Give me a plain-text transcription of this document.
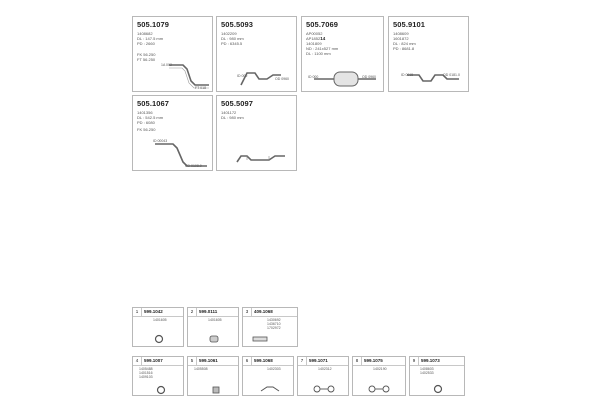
505.1079
1408682
DL : 147.5 mm
PD : 2660
FK 56.250
FT 56.250
1A 002
FT 018
505.5093
1402209
DL : 980 mm
PD : 6345.5
ID 000
OD 0960
505.7069
AP00052
AP185214
1401809
ND : 241x527 mm
DL : 1100 mm
ID 000	OD 0960
505.9101
1408609
1601872
DL : 824 mm
PD : 8681.8
ID 0015	OD 0181.0
505.1067
1401356
DL : 542.5 mm
PD : 6080
FK 56.250
ID 00043
CD 0108.9
505.5097
1401172
DL : 980 mm
1	599.1042
1401605
2	599.0111
1401605
3	409.1068
1430692
1436710
1702972
4	599.1007
1405488
1401516
1409103
5	599.1061
1405508
6	599.1068
1402303
7	599.1071
1402312
8	599.1075
1402190
9	599.1073
1408603
1402533
